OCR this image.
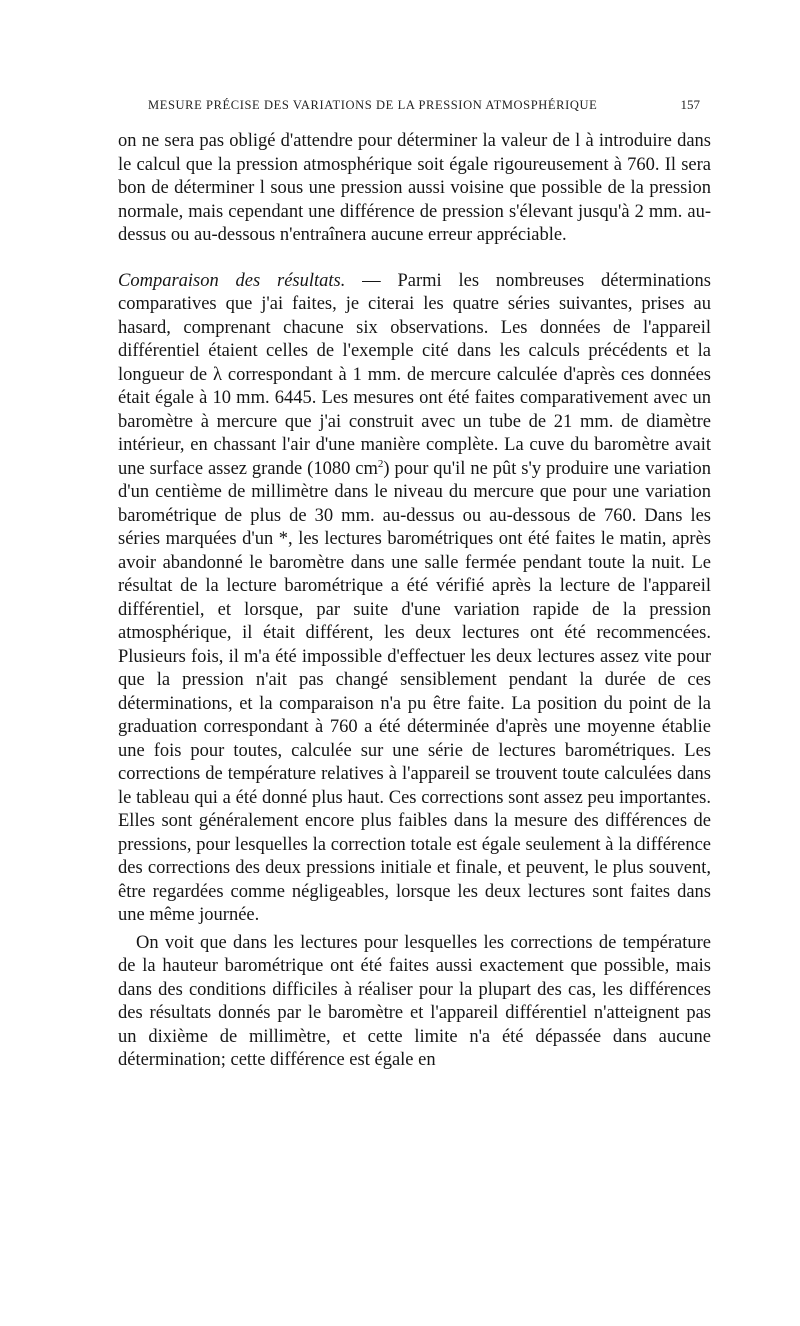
MESURE PRÉCISE DES VARIATIONS DE LA PRESSION ATMOSPHÉRIQUE	157

on ne sera pas obligé d'attendre pour déterminer la valeur de l à introduire dans le calcul que la pression atmosphérique soit égale rigoureusement à 760. Il sera bon de déterminer l sous une pression aussi voisine que possible de la pression normale, mais cependant une différence de pression s'élevant jusqu'à 2 mm. au-dessus ou au-dessous n'entraînera aucune erreur appréciable.

Comparaison des résultats. — Parmi les nombreuses déterminations comparatives que j'ai faites, je citerai les quatre séries suivantes, prises au hasard, comprenant chacune six observations. Les données de l'appareil différentiel étaient celles de l'exemple cité dans les calculs précédents et la longueur de λ correspondant à 1 mm. de mercure calculée d'après ces données était égale à 10 mm. 6445. Les mesures ont été faites comparativement avec un baromètre à mercure que j'ai construit avec un tube de 21 mm. de diamètre intérieur, en chassant l'air d'une manière complète. La cuve du baromètre avait une surface assez grande (1080 $cm^2$) pour qu'il ne pût s'y produire une variation d'un centième de millimètre dans le niveau du mercure que pour une variation barométrique de plus de 30 mm. au-dessus ou au-dessous de 760. Dans les séries marquées d'un *, les lectures barométriques ont été faites le matin, après avoir abandonné le baromètre dans une salle fermée pendant toute la nuit. Le résultat de la lecture barométrique a été vérifié après la lecture de l'appareil différentiel, et lorsque, par suite d'une variation rapide de la pression atmosphérique, il était différent, les deux lectures ont été recommencées. Plusieurs fois, il m'a été impossible d'effectuer les deux lectures assez vite pour que la pression n'ait pas changé sensiblement pendant la durée de ces déterminations, et la comparaison n'a pu être faite. La position du point de la graduation correspondant à 760 a été déterminée d'après une moyenne établie une fois pour toutes, calculée sur une série de lectures barométriques. Les corrections de température relatives à l'appareil se trouvent toute calculées dans le tableau qui a été donné plus haut. Ces corrections sont assez peu importantes. Elles sont généralement encore plus faibles dans la mesure des différences de pressions, pour lesquelles la correction totale est égale seulement à la différence des corrections des deux pressions initiale et finale, et peuvent, le plus souvent, être regardées comme négligeables, lorsque les deux lectures sont faites dans une même journée.

On voit que dans les lectures pour lesquelles les corrections de température de la hauteur barométrique ont été faites aussi exactement que possible, mais dans des conditions difficiles à réaliser pour la plupart des cas, les différences des résultats donnés par le baromètre et l'appareil différentiel n'atteignent pas un dixième de millimètre, et cette limite n'a été dépassée dans aucune détermination; cette différence est égale en
